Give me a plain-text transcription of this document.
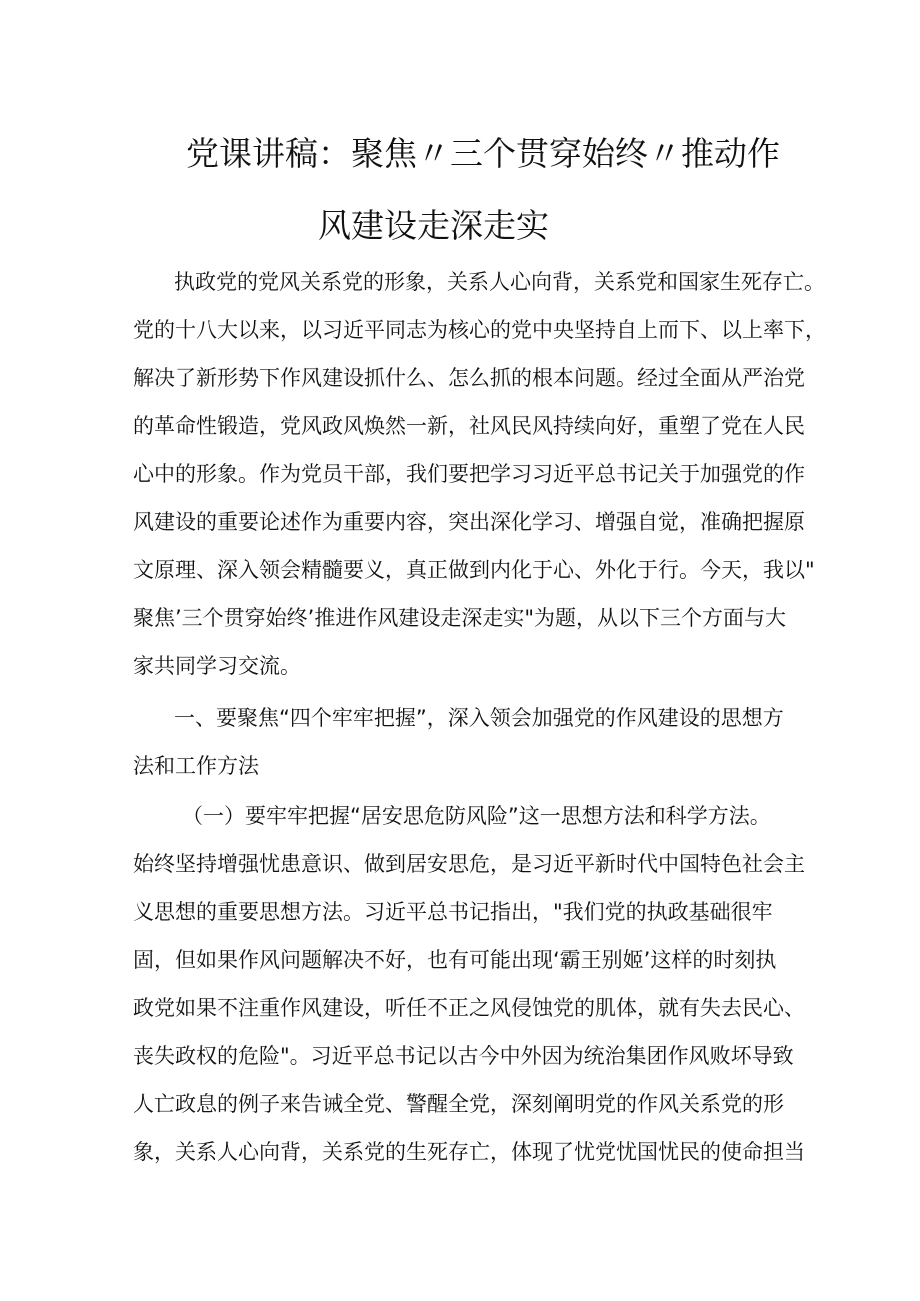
党课讲稿：聚焦〃三个贯穿始终〃推动作
风建设走深走实
执政党的党风关系党的形象，关系人心向背，关系党和国家生死存亡。
党的十八大以来，以习近平同志为核心的党中央坚持自上而下、以上率下，
解决了新形势下作风建设抓什么、怎么抓的根本问题。经过全面从严治党
的革命性锻造，党风政风焕然一新，社风民风持续向好，重塑了党在人民
心中的形象。作为党员干部，我们要把学习习近平总书记关于加强党的作
风建设的重要论述作为重要内容，突出深化学习、增强自觉，准确把握原
文原理、深入领会精髓要义，真正做到内化于心、外化于行。今天，我以"
聚焦’三个贯穿始终’推进作风建设走深走实"为题，从以下三个方面与大
家共同学习交流。
一、要聚焦“四个牢牢把握”，深入领会加强党的作风建设的思想方
法和工作方法
（一）要牢牢把握“居安思危防风险”这一思想方法和科学方法。
始终坚持增强忧患意识、做到居安思危，是习近平新时代中国特色社会主
义思想的重要思想方法。习近平总书记指出，"我们党的执政基础很牢
固，但如果作风问题解决不好，也有可能出现‘霸王别姬’这样的时刻执
政党如果不注重作风建设，听任不正之风侵蚀党的肌体，就有失去民心、
丧失政权的危险"。习近平总书记以古今中外因为统治集团作风败坏导致
人亡政息的例子来告诫全党、警醒全党，深刻阐明党的作风关系党的形
象，关系人心向背，关系党的生死存亡，体现了忧党忧国忧民的使命担当
